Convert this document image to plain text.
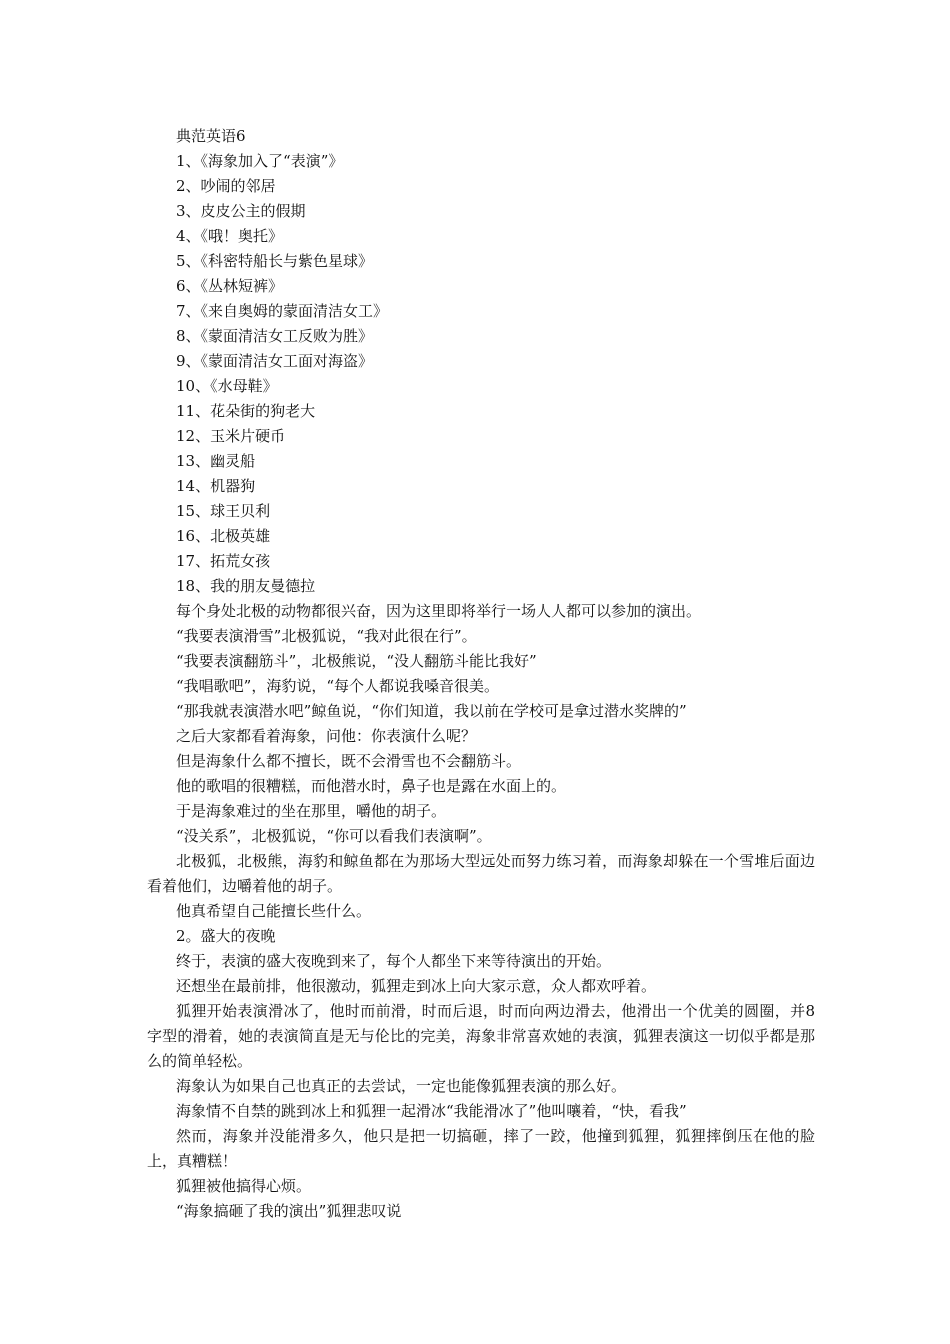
典范英语6

1、《海象加入了“表演”》

2、吵闹的邻居

3、皮皮公主的假期

4、《哦！奥托》

5、《科密特船长与紫色星球》

6、《丛林短裤》

7、《来自奥姆的蒙面清洁女工》

8、《蒙面清洁女工反败为胜》

9、《蒙面清洁女工面对海盗》

10、《水母鞋》

11、花朵街的狗老大

12、玉米片硬币

13、幽灵船

14、机器狗

15、球王贝利

16、北极英雄

17、拓荒女孩

18、我的朋友曼德拉

每个身处北极的动物都很兴奋，因为这里即将举行一场人人都可以参加的演出。

“我要表演滑雪”北极狐说，“我对此很在行”。

“我要表演翻筋斗”，北极熊说，“没人翻筋斗能比我好”

“我唱歌吧”，海豹说，“每个人都说我嗓音很美。

“那我就表演潜水吧”鲸鱼说，“你们知道，我以前在学校可是拿过潜水奖牌的”

之后大家都看着海象，问他：你表演什么呢？

但是海象什么都不擅长，既不会滑雪也不会翻筋斗。

他的歌唱的很糟糕，而他潜水时，鼻子也是露在水面上的。

于是海象难过的坐在那里，嚼他的胡子。

“没关系”，北极狐说，“你可以看我们表演啊”。

北极狐，北极熊，海豹和鲸鱼都在为那场大型远处而努力练习着，而海象却躲在一个雪堆后面边看着他们，边嚼着他的胡子。

他真希望自己能擅长些什么。

2。盛大的夜晚

终于，表演的盛大夜晚到来了，每个人都坐下来等待演出的开始。

还想坐在最前排，他很激动，狐狸走到冰上向大家示意，众人都欢呼着。

狐狸开始表演滑冰了，他时而前滑，时而后退，时而向两边滑去，他滑出一个优美的圆圈，并8字型的滑着，她的表演简直是无与伦比的完美，海象非常喜欢她的表演，狐狸表演这一切似乎都是那么的简单轻松。

海象认为如果自己也真正的去尝试，一定也能像狐狸表演的那么好。

海象情不自禁的跳到冰上和狐狸一起滑冰“我能滑冰了”他叫嚷着，“快，看我”

然而，海象并没能滑多久，他只是把一切搞砸，摔了一跤，他撞到狐狸，狐狸摔倒压在他的脸上，真糟糕！

狐狸被他搞得心烦。

“海象搞砸了我的演出”狐狸悲叹说
